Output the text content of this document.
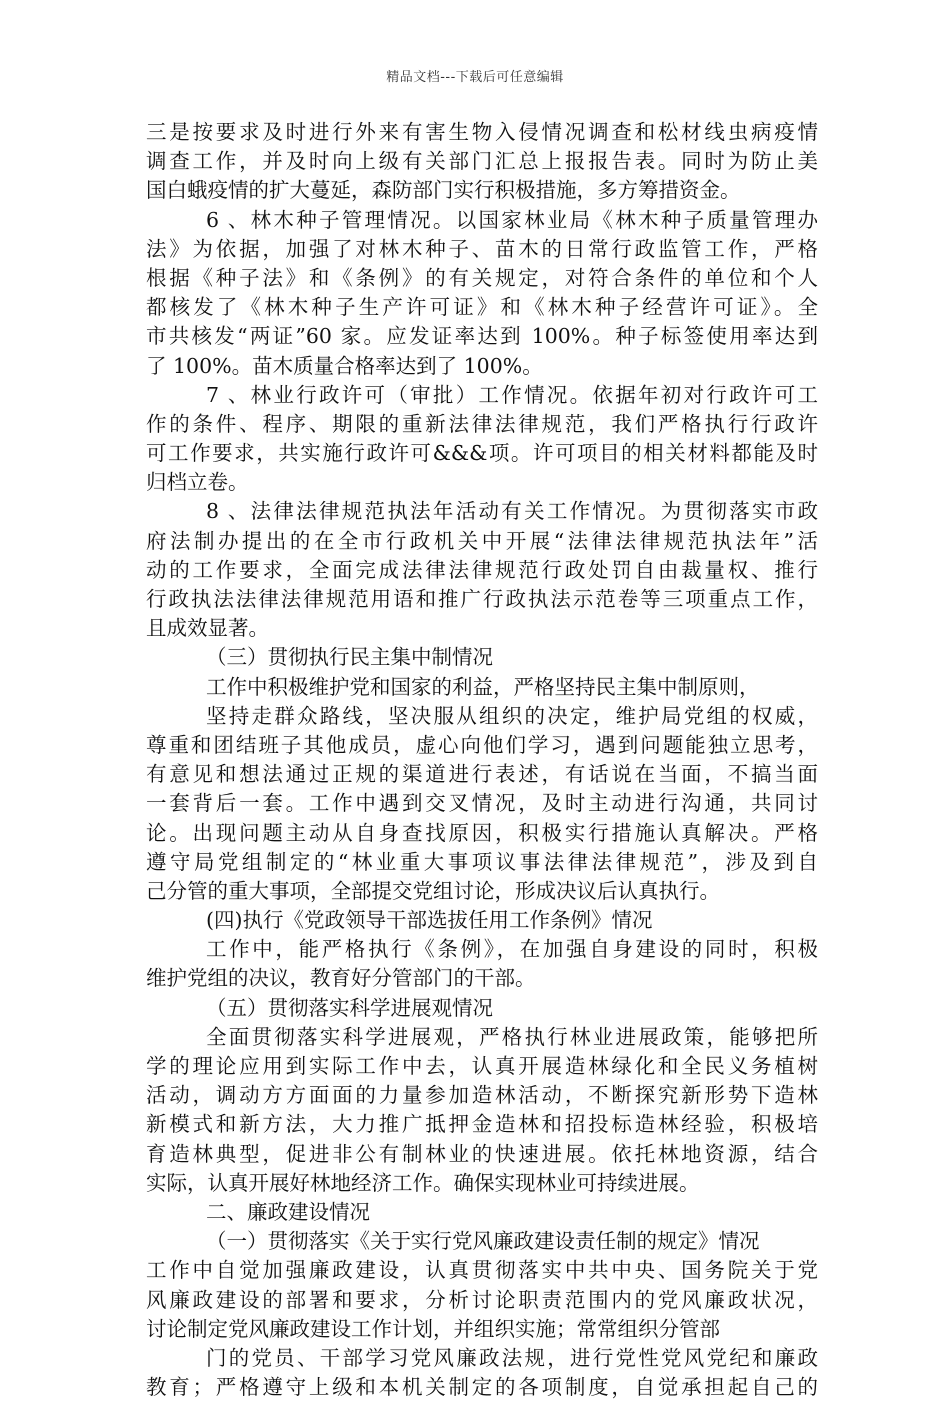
精品文档---下载后可任意编辑
三是按要求及时进行外来有害生物入侵情况调查和松材线虫病疫情
调查工作，并及时向上级有关部门汇总上报报告表。同时为防止美
国白蛾疫情的扩大蔓延，森防部门实行积极措施，多方筹措资金。
6 、林木种子管理情况。以国家林业局《林木种子质量管理办
法》为依据，加强了对林木种子、苗木的日常行政监管工作，严格
根据《种子法》和《条例》的有关规定，对符合条件的单位和个人
都核发了《林木种子生产许可证》和《林木种子经营许可证》。全
市共核发“两证”60 家。应发证率达到 100%。种子标签使用率达到
了 100%。苗木质量合格率达到了 100%。
7 、林业行政许可（审批）工作情况。依据年初对行政许可工
作的条件、程序、期限的重新法律法律规范，我们严格执行行政许
可工作要求，共实施行政许可&&&项。许可项目的相关材料都能及时
归档立卷。
8 、法律法律规范执法年活动有关工作情况。为贯彻落实市政
府法制办提出的在全市行政机关中开展“法律法律规范执法年”活
动的工作要求，全面完成法律法律规范行政处罚自由裁量权、推行
行政执法法律法律规范用语和推广行政执法示范卷等三项重点工作，
且成效显著。
（三）贯彻执行民主集中制情况
工作中积极维护党和国家的利益，严格坚持民主集中制原则，
坚持走群众路线，坚决服从组织的决定，维护局党组的权威，
尊重和团结班子其他成员，虚心向他们学习，遇到问题能独立思考，
有意见和想法通过正规的渠道进行表述，有话说在当面，不搞当面
一套背后一套。工作中遇到交叉情况，及时主动进行沟通，共同讨
论。出现问题主动从自身查找原因，积极实行措施认真解决。严格
遵守局党组制定的“林业重大事项议事法律法律规范”，涉及到自
己分管的重大事项，全部提交党组讨论，形成决议后认真执行。
(四)执行《党政领导干部选拔任用工作条例》情况
工作中，能严格执行《条例》，在加强自身建设的同时，积极
维护党组的决议，教育好分管部门的干部。
（五）贯彻落实科学进展观情况
全面贯彻落实科学进展观，严格执行林业进展政策，能够把所
学的理论应用到实际工作中去，认真开展造林绿化和全民义务植树
活动，调动方方面面的力量参加造林活动，不断探究新形势下造林
新模式和新方法，大力推广抵押金造林和招投标造林经验，积极培
育造林典型，促进非公有制林业的快速进展。依托林地资源，结合
实际，认真开展好林地经济工作。确保实现林业可持续进展。
二、廉政建设情况
（一）贯彻落实《关于实行党风廉政建设责任制的规定》情况
工作中自觉加强廉政建设，认真贯彻落实中共中央、国务院关于党
风廉政建设的部署和要求，分析讨论职责范围内的党风廉政状况，
讨论制定党风廉政建设工作计划，并组织实施；常常组织分管部
门的党员、干部学习党风廉政法规，进行党性党风党纪和廉政
教育；严格遵守上级和本机关制定的各项制度，自觉承担起自己的
